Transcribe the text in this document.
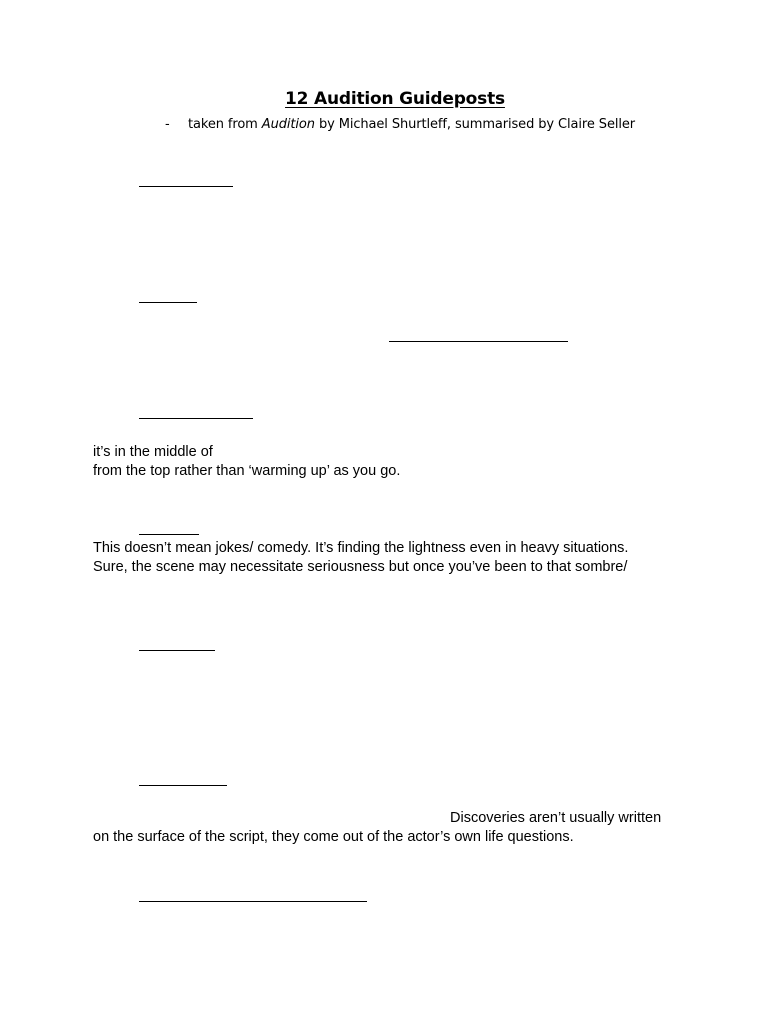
12 Audition Guideposts
- taken from Audition by Michael Shurtleff, summarised by Claire Seller
it’s in the middle of
from the top rather than ‘warming up’ as you go.
This doesn’t mean jokes/ comedy. It’s finding the lightness even in heavy situations.
Sure, the scene may necessitate seriousness but once you’ve been to that sombre/
Discoveries aren’t usually written
on the surface of the script, they come out of the actor’s own life questions.
